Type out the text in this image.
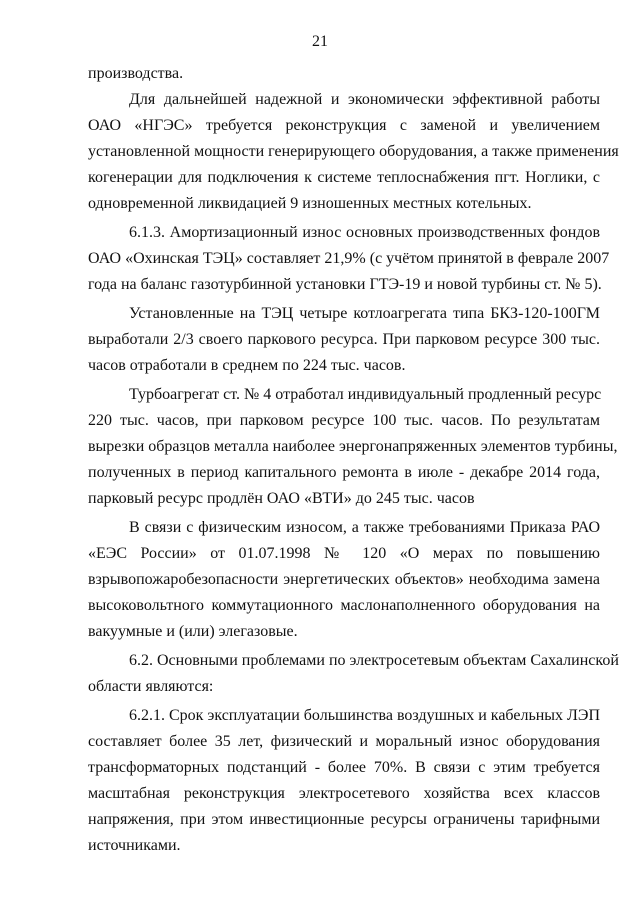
21
производства.
Для дальнейшей надежной и экономически эффективной работы
ОАО «НГЭС» требуется реконструкция с заменой и увеличением
установленной мощности генерирующего оборудования, а также применения
когенерации для подключения к системе теплоснабжения пгт. Ноглики, с
одновременной ликвидацией 9 изношенных местных котельных.
6.1.3. Амортизационный износ основных производственных фондов
ОАО «Охинская ТЭЦ» составляет 21,9% (с учётом принятой в феврале 2007
года на баланс газотурбинной установки ГТЭ-19 и новой турбины ст. № 5).
Установленные на ТЭЦ четыре котлоагрегата типа БКЗ-120-100ГМ
выработали 2/3 своего паркового ресурса. При парковом ресурсе 300 тыс.
часов отработали в среднем по 224 тыс. часов.
Турбоагрегат ст. № 4 отработал индивидуальный продленный ресурс
220 тыс. часов, при парковом ресурсе 100 тыс. часов. По результатам
вырезки образцов металла наиболее энергонапряженных элементов турбины,
полученных в период капитального ремонта в июле - декабре 2014 года,
парковый ресурс продлён ОАО «ВТИ» до 245 тыс. часов
В связи с физическим износом, а также требованиями Приказа РАО
«ЕЭС России» от 01.07.1998 № 120 «О мерах по повышению
взрывопожаробезопасности энергетических объектов» необходима замена
высоковольтного коммутационного маслонаполненного оборудования на
вакуумные и (или) элегазовые.
6.2. Основными проблемами по электросетевым объектам Сахалинской
области являются:
6.2.1. Срок эксплуатации большинства воздушных и кабельных ЛЭП
составляет более 35 лет, физический и моральный износ оборудования
трансформаторных подстанций - более 70%. В связи с этим требуется
масштабная реконструкция электросетевого хозяйства всех классов
напряжения, при этом инвестиционные ресурсы ограничены тарифными
источниками.
